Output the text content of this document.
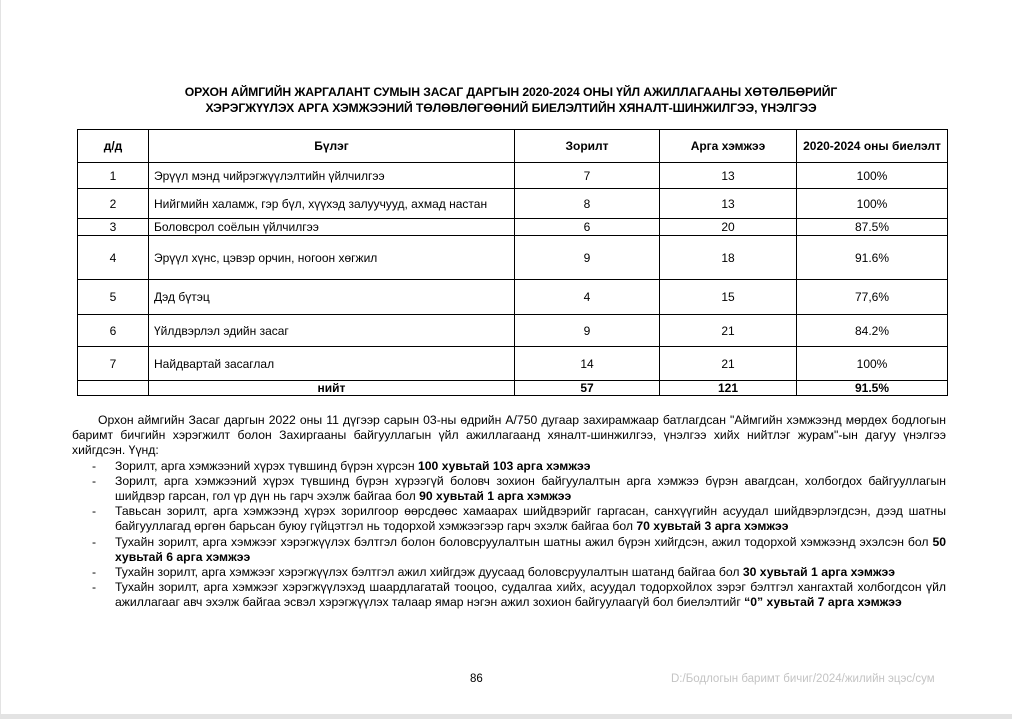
ОРХОН АЙМГИЙН ЖАРГАЛАНТ СУМЫН ЗАСАГ ДАРГЫН 2020-2024 ОНЫ ҮЙЛ АЖИЛЛАГААНЫ ХӨТӨЛБӨРИЙГ
ХЭРЭГЖҮҮЛЭХ АРГА ХЭМЖЭЭНИЙ ТӨЛӨВЛӨГӨӨНИЙ БИЕЛЭЛТИЙН ХЯНАЛТ-ШИНЖИЛГЭЭ, ҮНЭЛГЭЭ
д/д	Бүлэг	Зорилт	Арга хэмжээ	2020-2024 оны биелэлт
1	Эрүүл мэнд чийрэгжүүлэлтийн үйлчилгээ	7	13	100%
2	Нийгмийн халамж, гэр бүл, хүүхэд залуучууд, ахмад настан	8	13	100%
3	Боловсрол соёлын үйлчилгээ	6	20	87.5%
4	Эрүүл хүнс, цэвэр орчин, ногоон хөгжил	9	18	91.6%
5	Дэд бүтэц	4	15	77,6%
6	Үйлдвэрлэл эдийн засаг	9	21	84.2%
7	Найдвартай засаглал	14	21	100%
	нийт	57	121	91.5%

Орхон аймгийн Засаг даргын 2022 оны 11 дүгээр сарын 03-ны өдрийн А/750 дугаар захирамжаар батлагдсан "Аймгийн хэмжээнд мөрдөх бодлогын баримт бичгийн хэрэгжилт болон Захиргааны байгууллагын үйл ажиллагаанд хяналт-шинжилгээ, үнэлгээ хийх нийтлэг журам"-ын дагуу үнэлгээ хийгдсэн. Үүнд:

- Зорилт, арга хэмжээний хүрэх түвшинд бүрэн хүрсэн 100 хувьтай 103 арга хэмжээ
- Зорилт, арга хэмжээний хүрэх түвшинд бүрэн хүрээгүй боловч зохион байгуулалтын арга хэмжээ бүрэн авагдсан, холбогдох байгууллагын шийдвэр гарсан, гол үр дүн нь гарч эхэлж байгаа бол 90 хувьтай 1 арга хэмжээ
- Тавьсан зорилт, арга хэмжээнд хүрэх зорилгоор өөрсдөөс хамаарах шийдвэрийг гаргасан, санхүүгийн асуудал шийдвэрлэгдсэн, дээд шатны байгууллагад өргөн барьсан буюу гүйцэтгэл нь тодорхой хэмжээгээр гарч эхэлж байгаа бол 70 хувьтай 3 арга хэмжээ
- Тухайн зорилт, арга хэмжээг хэрэгжүүлэх бэлтгэл болон боловсруулалтын шатны ажил бүрэн хийгдсэн, ажил тодорхой хэмжээнд эхэлсэн бол 50 хувьтай 6 арга хэмжээ
- Тухайн зорилт, арга хэмжээг хэрэгжүүлэх бэлтгэл ажил хийгдэж дуусаад боловсруулалтын шатанд байгаа бол 30 хувьтай 1 арга хэмжээ
- Тухайн зорилт, арга хэмжээг хэрэгжүүлэхэд шаардлагатай тооцоо, судалгаа хийх, асуудал тодорхойлох зэрэг бэлтгэл хангахтай холбогдсон үйл ажиллагааг авч эхэлж байгаа эсвэл хэрэгжүүлэх талаар ямар нэгэн ажил зохион байгуулаагүй бол биелэлтийг “0” хувьтай 7 арга хэмжээ
86	D:/Бодлогын баримт бичиг/2024/жилийн эцэс/сум
